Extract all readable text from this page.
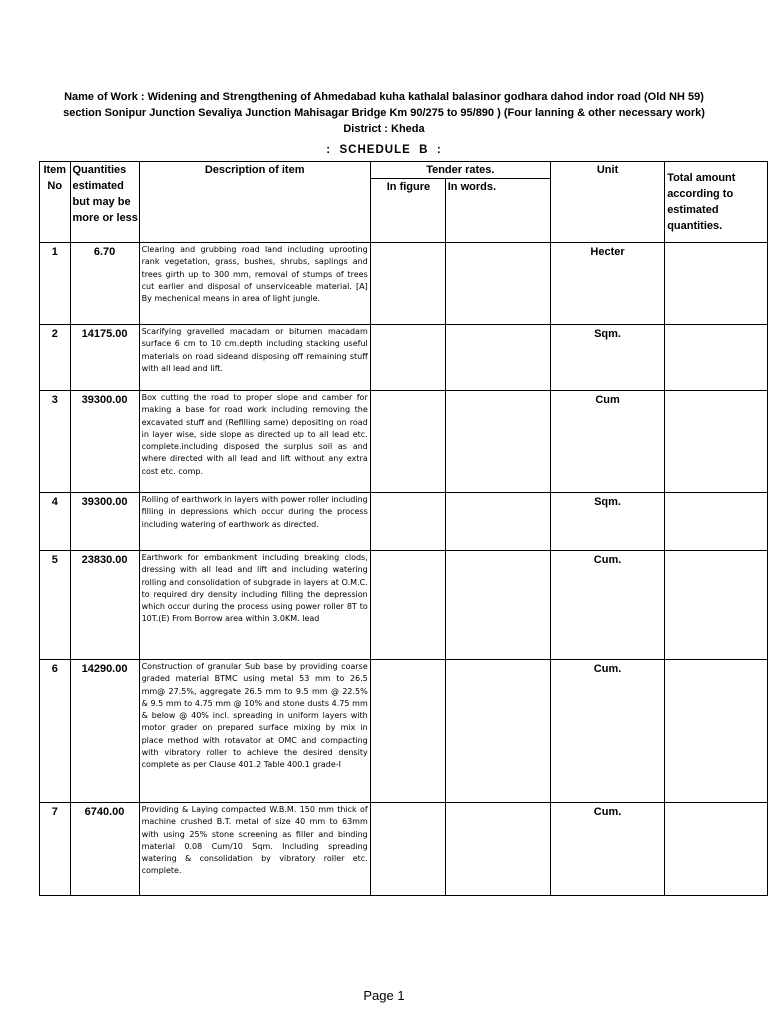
Name of Work : Widening and Strengthening of Ahmedabad kuha kathalal balasinor godhara dahod indor road (Old NH 59)
section Sonipur Junction Sevaliya Junction Mahisagar Bridge Km 90/275 to 95/890 ) (Four lanning & other necessary work)
District : Kheda
:  SCHEDULE  B  :
Item No	Quantities estimated but may be more or less	Description of item	Tender rates.		Unit	Total amount according to estimated quantities.
			In figure	In words.		
1	6.70	Clearing and grubbing road land including uprooting rank vegetation, grass, bushes, shrubs, saplings and trees girth up to 300 mm, removal of stumps of trees cut earlier and disposal of unserviceable material. [A] By mechenical means in area of light jungle.			Hecter	
2	14175.00	Scarifying gravelled macadam or bitumen macadam surface 6 cm to 10 cm.depth including stacking useful materials on road sideand disposing off remaining stuff with all lead and lift.			Sqm.	
3	39300.00	Box cutting the road to proper slope and camber for making a base for road work including removing the excavated stuff and (Refilling same) depositing on road in layer wise, side slope as directed up to all lead etc. complete.including disposed the surplus soil as and where directed with all lead and lift without any extra cost etc. comp.			Cum	
4	39300.00	Rolling of earthwork in layers with power roller including filling in depressions which occur during the process including watering of earthwork as directed.			Sqm.	
5	23830.00	Earthwork for embankment including breaking clods, dressing with all lead and lift and including watering rolling and consolidation of subgrade in layers at O.M.C. to required dry density including filling the depression which occur during the process using power roller 8T to 10T.(E) From Borrow area within 3.0KM. lead			Cum.	
6	14290.00	Construction of granular Sub base by providing coarse graded material BTMC using metal 53 mm to 26.5 mm@ 27.5%, aggregate 26.5 mm to 9.5 mm @ 22.5% & 9.5 mm to 4.75 mm @ 10% and stone dusts 4.75 mm & below @ 40% incl. spreading in uniform layers with motor grader on prepared surface mixing by mix in place method with rotavator at OMC and compacting with vibratory roller to achieve the desired density complete as per Clause 401.2 Table 400.1 grade-I			Cum.	
7	6740.00	Providing & Laying compacted W.B.M. 150 mm thick of machine crushed B.T. metal of size 40 mm to 63mm with using 25% stone screening as filler and binding material 0.08 Cum/10 Sqm. Including spreading watering & consolidation by vibratory roller etc. complete.			Cum.	
Page 1
